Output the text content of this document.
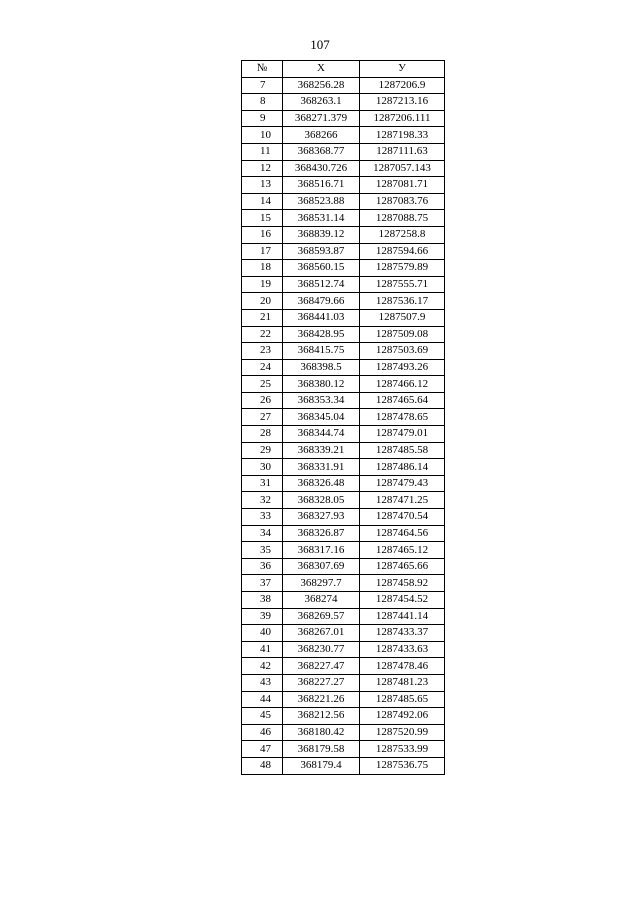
107
№	Х	У
7	368256.28	1287206.9
8	368263.1	1287213.16
9	368271.379	1287206.111
10	368266	1287198.33
11	368368.77	1287111.63
12	368430.726	1287057.143
13	368516.71	1287081.71
14	368523.88	1287083.76
15	368531.14	1287088.75
16	368839.12	1287258.8
17	368593.87	1287594.66
18	368560.15	1287579.89
19	368512.74	1287555.71
20	368479.66	1287536.17
21	368441.03	1287507.9
22	368428.95	1287509.08
23	368415.75	1287503.69
24	368398.5	1287493.26
25	368380.12	1287466.12
26	368353.34	1287465.64
27	368345.04	1287478.65
28	368344.74	1287479.01
29	368339.21	1287485.58
30	368331.91	1287486.14
31	368326.48	1287479.43
32	368328.05	1287471.25
33	368327.93	1287470.54
34	368326.87	1287464.56
35	368317.16	1287465.12
36	368307.69	1287465.66
37	368297.7	1287458.92
38	368274	1287454.52
39	368269.57	1287441.14
40	368267.01	1287433.37
41	368230.77	1287433.63
42	368227.47	1287478.46
43	368227.27	1287481.23
44	368221.26	1287485.65
45	368212.56	1287492.06
46	368180.42	1287520.99
47	368179.58	1287533.99
48	368179.4	1287536.75
